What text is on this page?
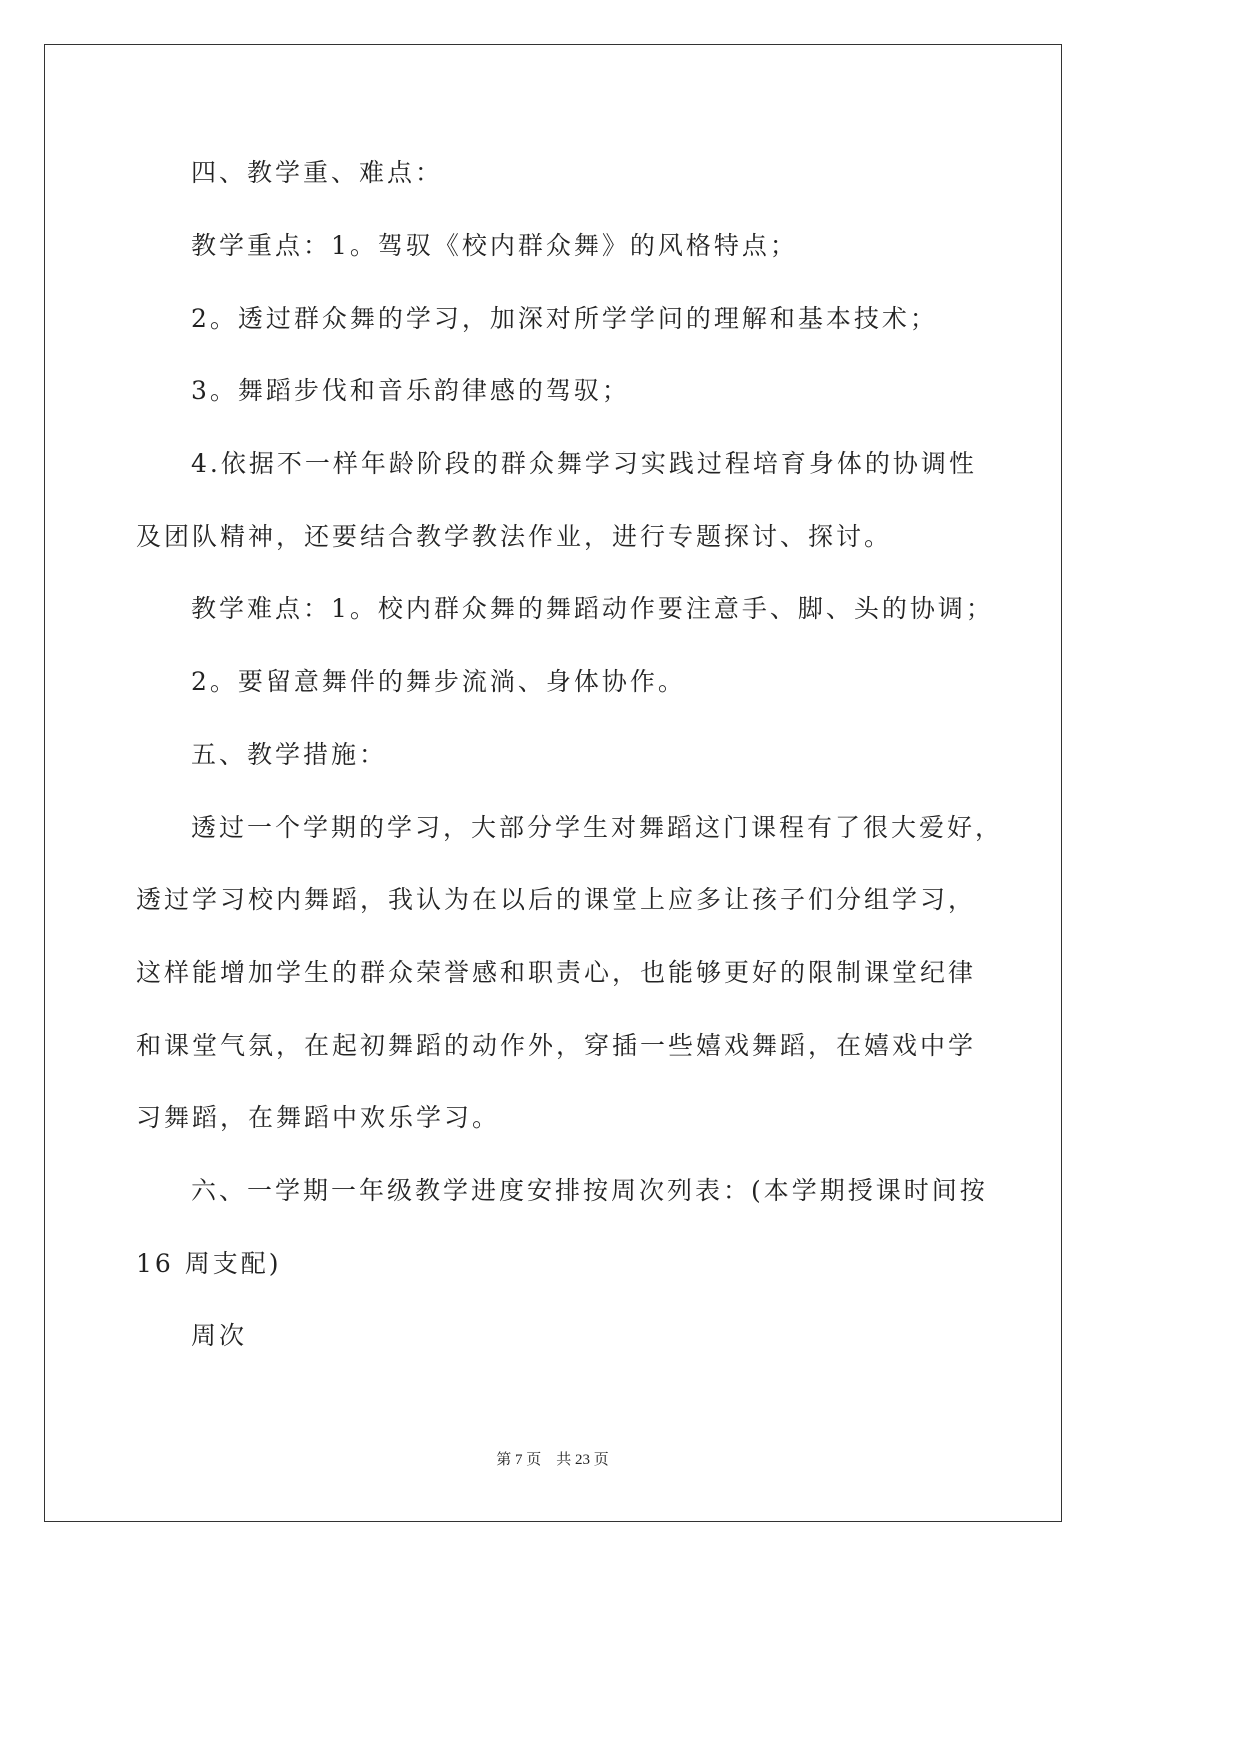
四、教学重、难点：
教学重点：1。驾驭《校内群众舞》的风格特点；
2。透过群众舞的学习，加深对所学学问的理解和基本技术；
3。舞蹈步伐和音乐韵律感的驾驭；
4.依据不一样年龄阶段的群众舞学习实践过程培育身体的协调性
及团队精神，还要结合教学教法作业，进行专题探讨、探讨。
教学难点：1。校内群众舞的舞蹈动作要注意手、脚、头的协调；
2。要留意舞伴的舞步流淌、身体协作。
五、教学措施：
透过一个学期的学习，大部分学生对舞蹈这门课程有了很大爱好，
透过学习校内舞蹈，我认为在以后的课堂上应多让孩子们分组学习，
这样能增加学生的群众荣誉感和职责心，也能够更好的限制课堂纪律
和课堂气氛，在起初舞蹈的动作外，穿插一些嬉戏舞蹈，在嬉戏中学
习舞蹈，在舞蹈中欢乐学习。
六、一学期一年级教学进度安排按周次列表：(本学期授课时间按
16 周支配)
周次
第 7 页    共 23 页
